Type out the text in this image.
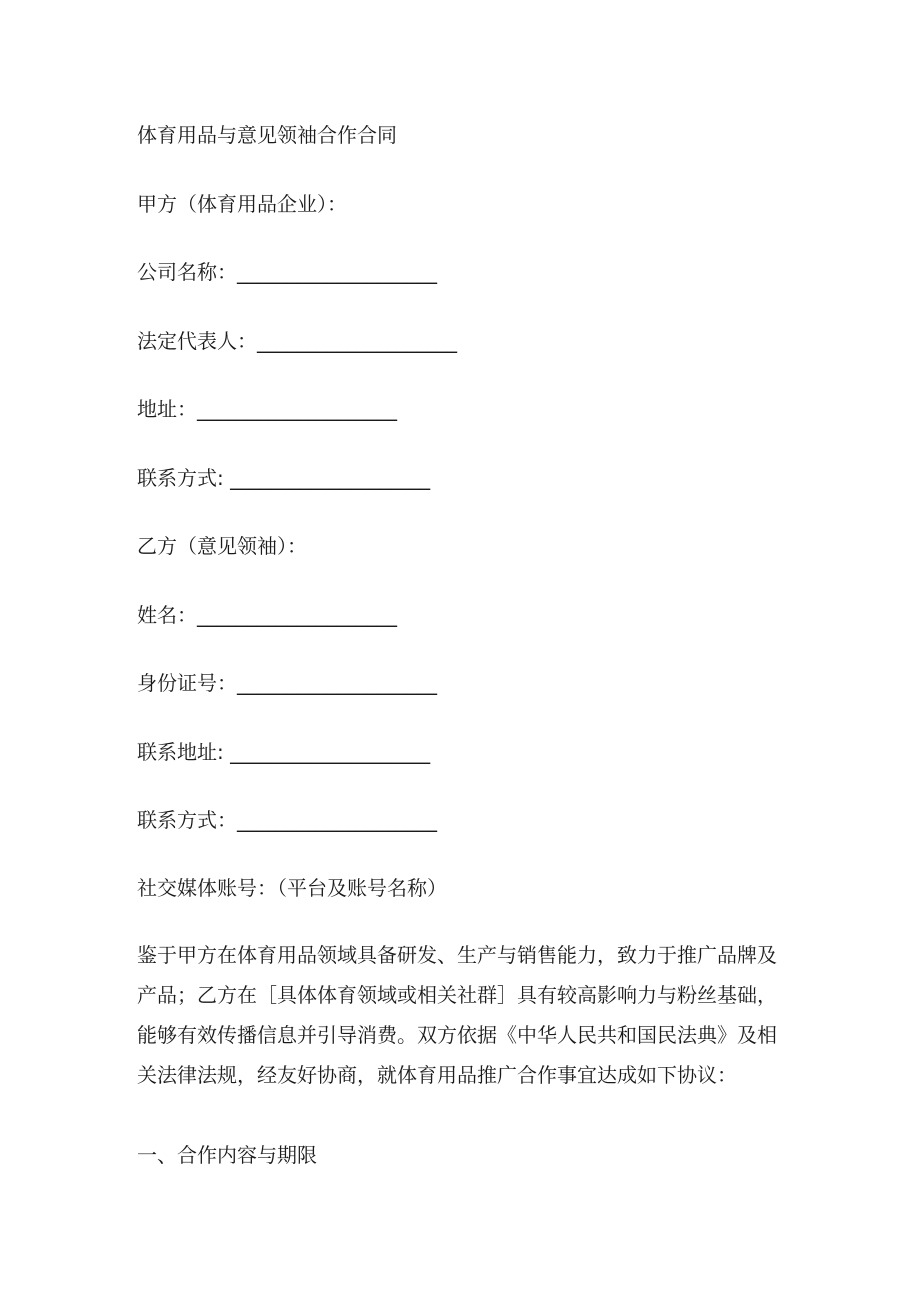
体育用品与意见领袖合作合同
甲方（体育用品企业）：
公司名称：____________________
法定代表人：____________________
地址：____________________
联系方式: ____________________
乙方（意见领袖）：
姓名：____________________
身份证号：____________________
联系地址: ____________________
联系方式：____________________
社交媒体账号：（平台及账号名称）
鉴于甲方在体育用品领域具备研发、生产与销售能力，致力于推广品牌及
产品；乙方在［具体体育领域或相关社群］具有较高影响力与粉丝基础，
能够有效传播信息并引导消费。双方依据《中华人民共和国民法典》及相
关法律法规，经友好协商，就体育用品推广合作事宜达成如下协议：
一、合作内容与期限
